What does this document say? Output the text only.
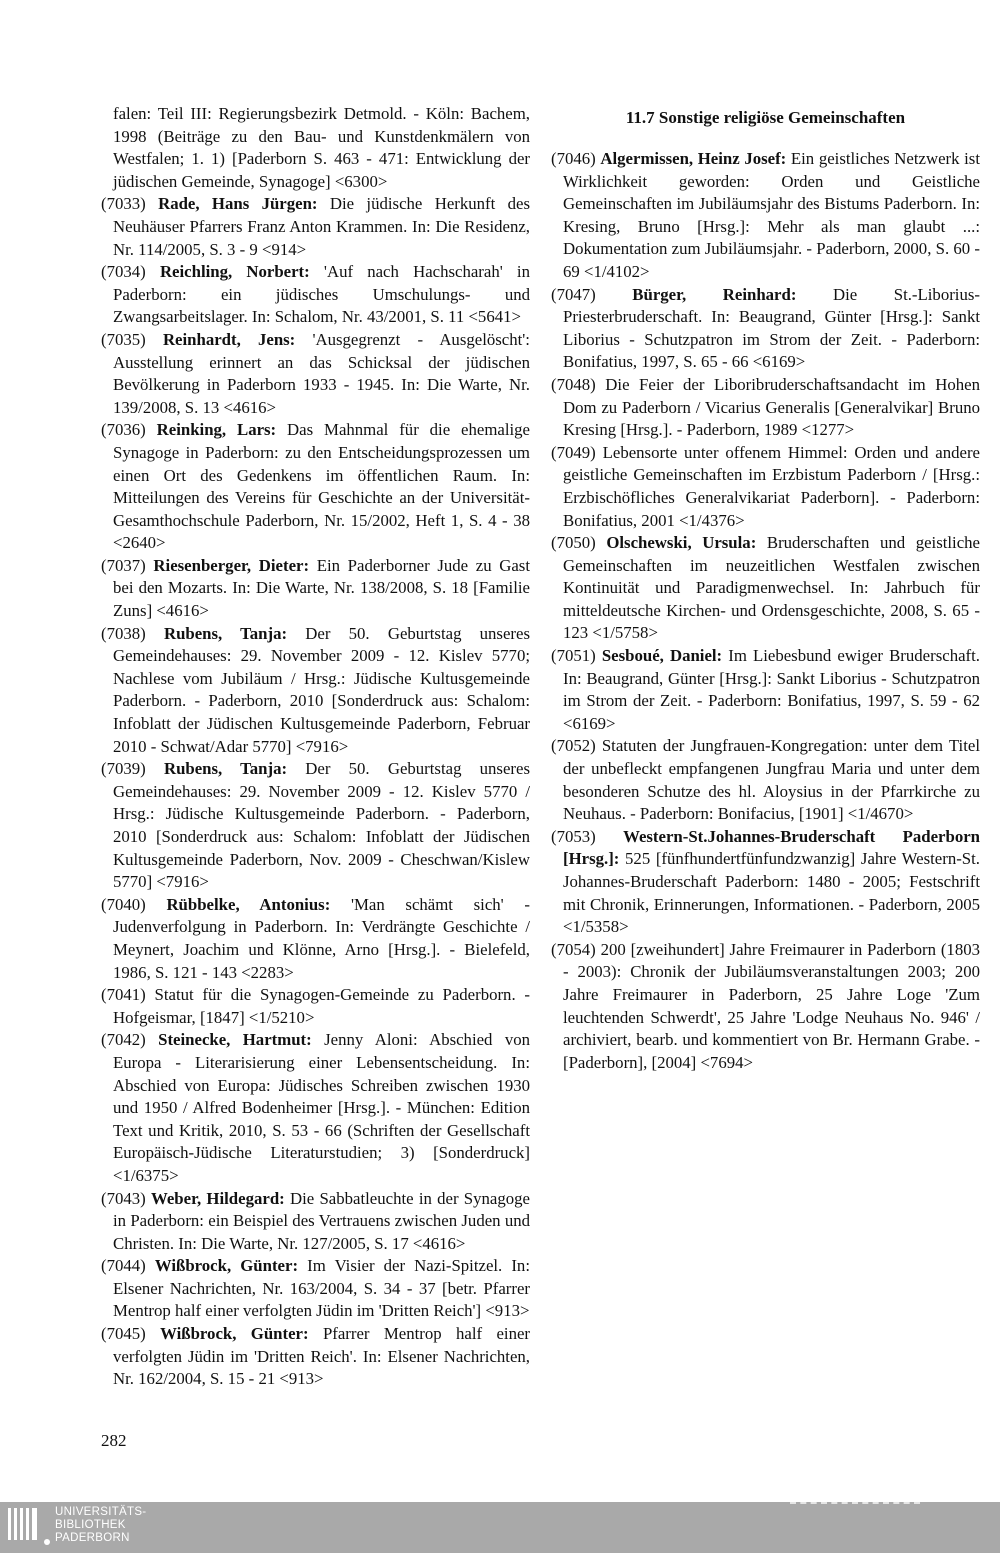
falen: Teil III: Regierungsbezirk Detmold. - Köln: Bachem, 1998 (Beiträge zu den Bau- und Kunstdenkmälern von Westfalen; 1. 1) [Paderborn S. 463 - 471: Entwicklung der jüdischen Gemeinde, Synagoge] <6300>

(7033) Rade, Hans Jürgen: Die jüdische Herkunft des Neuhäuser Pfarrers Franz Anton Krammen. In: Die Residenz, Nr. 114/2005, S. 3 - 9 <914>

(7034) Reichling, Norbert: 'Auf nach Hachscharah' in Paderborn: ein jüdisches Umschulungs- und Zwangsarbeitslager. In: Schalom, Nr. 43/2001, S. 11 <5641>

(7035) Reinhardt, Jens: 'Ausgegrenzt - Ausgelöscht': Ausstellung erinnert an das Schicksal der jüdischen Bevölkerung in Paderborn 1933 - 1945. In: Die Warte, Nr. 139/2008, S. 13 <4616>

(7036) Reinking, Lars: Das Mahnmal für die ehemalige Synagoge in Paderborn: zu den Entscheidungsprozessen um einen Ort des Gedenkens im öffentlichen Raum. In: Mitteilungen des Vereins für Geschichte an der Universität-Gesamthochschule Paderborn, Nr. 15/2002, Heft 1, S. 4 - 38 <2640>

(7037) Riesenberger, Dieter: Ein Paderborner Jude zu Gast bei den Mozarts. In: Die Warte, Nr. 138/2008, S. 18 [Familie Zuns] <4616>

(7038) Rubens, Tanja: Der 50. Geburtstag unseres Gemeindehauses: 29. November 2009 - 12. Kislev 5770; Nachlese vom Jubiläum / Hrsg.: Jüdische Kultusgemeinde Paderborn. - Paderborn, 2010 [Sonderdruck aus: Schalom: Infoblatt der Jüdischen Kultusgemeinde Paderborn, Februar 2010 - Schwat/Adar 5770] <7916>

(7039) Rubens, Tanja: Der 50. Geburtstag unseres Gemeindehauses: 29. November 2009 - 12. Kislev 5770 / Hrsg.: Jüdische Kultusgemeinde Paderborn. - Paderborn, 2010 [Sonderdruck aus: Schalom: Infoblatt der Jüdischen Kultusgemeinde Paderborn, Nov. 2009 - Cheschwan/Kislew 5770] <7916>

(7040) Rübbelke, Antonius: 'Man schämt sich' - Judenverfolgung in Paderborn. In: Verdrängte Geschichte / Meynert, Joachim und Klönne, Arno [Hrsg.]. - Bielefeld, 1986, S. 121 - 143 <2283>

(7041) Statut für die Synagogen-Gemeinde zu Paderborn. - Hofgeismar, [1847] <1/5210>

(7042) Steinecke, Hartmut: Jenny Aloni: Abschied von Europa - Literarisierung einer Lebensentscheidung. In: Abschied von Europa: Jüdisches Schreiben zwischen 1930 und 1950 / Alfred Bodenheimer [Hrsg.]. - München: Edition Text und Kritik, 2010, S. 53 - 66 (Schriften der Gesellschaft Europäisch-Jüdische Literaturstudien; 3) [Sonderdruck] <1/6375>

(7043) Weber, Hildegard: Die Sabbatleuchte in der Synagoge in Paderborn: ein Beispiel des Vertrauens zwischen Juden und Christen. In: Die Warte, Nr. 127/2005, S. 17 <4616>

(7044) Wißbrock, Günter: Im Visier der Nazi-Spitzel. In: Elsener Nachrichten, Nr. 163/2004, S. 34 - 37 [betr. Pfarrer Mentrop half einer verfolgten Jüdin im 'Dritten Reich'] <913>

(7045) Wißbrock, Günter: Pfarrer Mentrop half einer verfolgten Jüdin im 'Dritten Reich'. In: Elsener Nachrichten, Nr. 162/2004, S. 15 - 21 <913>

11.7 Sonstige religiöse Gemeinschaften

(7046) Algermissen, Heinz Josef: Ein geistliches Netzwerk ist Wirklichkeit geworden: Orden und Geistliche Gemeinschaften im Jubiläumsjahr des Bistums Paderborn. In: Kresing, Bruno [Hrsg.]: Mehr als man glaubt ...: Dokumentation zum Jubiläumsjahr. - Paderborn, 2000, S. 60 - 69 <1/4102>

(7047) Bürger, Reinhard: Die St.-Liborius-Priesterbruderschaft. In: Beaugrand, Günter [Hrsg.]: Sankt Liborius - Schutzpatron im Strom der Zeit. - Paderborn: Bonifatius, 1997, S. 65 - 66 <6169>

(7048) Die Feier der Liboribruderschaftsandacht im Hohen Dom zu Paderborn / Vicarius Generalis [Generalvikar] Bruno Kresing [Hrsg.]. - Paderborn, 1989 <1277>

(7049) Lebensorte unter offenem Himmel: Orden und andere geistliche Gemeinschaften im Erzbistum Paderborn / [Hrsg.: Erzbischöfliches Generalvikariat Paderborn]. - Paderborn: Bonifatius, 2001 <1/4376>

(7050) Olschewski, Ursula: Bruderschaften und geistliche Gemeinschaften im neuzeitlichen Westfalen zwischen Kontinuität und Paradigmenwechsel. In: Jahrbuch für mitteldeutsche Kirchen- und Ordensgeschichte, 2008, S. 65 - 123 <1/5758>

(7051) Sesboué, Daniel: Im Liebesbund ewiger Bruderschaft. In: Beaugrand, Günter [Hrsg.]: Sankt Liborius - Schutzpatron im Strom der Zeit. - Paderborn: Bonifatius, 1997, S. 59 - 62 <6169>

(7052) Statuten der Jungfrauen-Kongregation: unter dem Titel der unbefleckt empfangenen Jungfrau Maria und unter dem besonderen Schutze des hl. Aloysius in der Pfarrkirche zu Neuhaus. - Paderborn: Bonifacius, [1901] <1/4670>

(7053) Western-St.Johannes-Bruderschaft Paderborn [Hrsg.]: 525 [fünfhundertfünfundzwanzig] Jahre Western-St. Johannes-Bruderschaft Paderborn: 1480 - 2005; Festschrift mit Chronik, Erinnerungen, Informationen. - Paderborn, 2005 <1/5358>

(7054) 200 [zweihundert] Jahre Freimaurer in Paderborn (1803 - 2003): Chronik der Jubiläumsveranstaltungen 2003; 200 Jahre Freimaurer in Paderborn, 25 Jahre Loge 'Zum leuchtenden Schwerdt', 25 Jahre 'Lodge Neuhaus No. 946' / archiviert, bearb. und kommentiert von Br. Hermann Grabe. - [Paderborn], [2004] <7694>

282
UNIVERSITÄTS-
BIBLIOTHEK
PADERBORN
